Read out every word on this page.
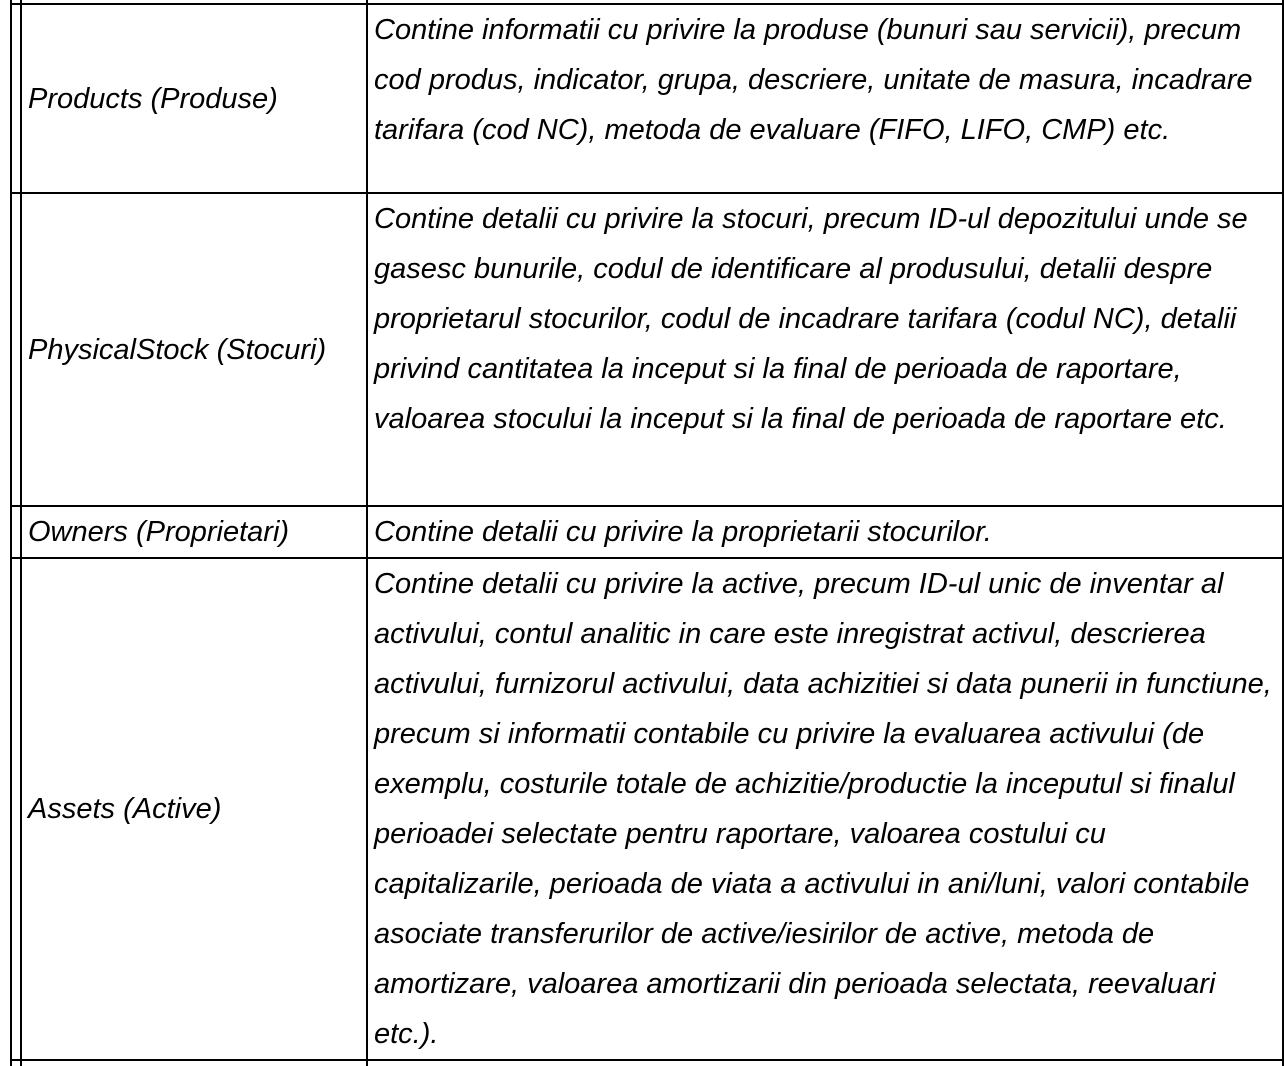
	Products (Produse)	Contine informatii cu privire la produse (bunuri sau servicii), precum cod produs, indicator, grupa, descriere, unitate de masura, incadrare tarifara (cod NC), metoda de evaluare (FIFO, LIFO, CMP) etc.
	PhysicalStock (Stocuri)	Contine detalii cu privire la stocuri, precum ID-ul depozitului unde se gasesc bunurile, codul de identificare al produsului, detalii despre proprietarul stocurilor, codul de incadrare tarifara (codul NC), detalii privind cantitatea la inceput si la final de perioada de raportare, valoarea stocului la inceput si la final de perioada de raportare etc.
	Owners (Proprietari)	Contine detalii cu privire la proprietarii stocurilor.
	Assets (Active)	Contine detalii cu privire la active, precum ID-ul unic de inventar al activului, contul analitic in care este inregistrat activul, descrierea activului, furnizorul activului, data achizitiei si data punerii in functiune, precum si informatii contabile cu privire la evaluarea activului (de exemplu, costurile totale de achizitie/productie la inceputul si finalul perioadei selectate pentru raportare, valoarea costului cu capitalizarile, perioada de viata a activului in ani/luni, valori contabile asociate transferurilor de active/iesirilor de active, metoda de amortizare, valoarea amortizarii din perioada selectata, reevaluari etc.).
